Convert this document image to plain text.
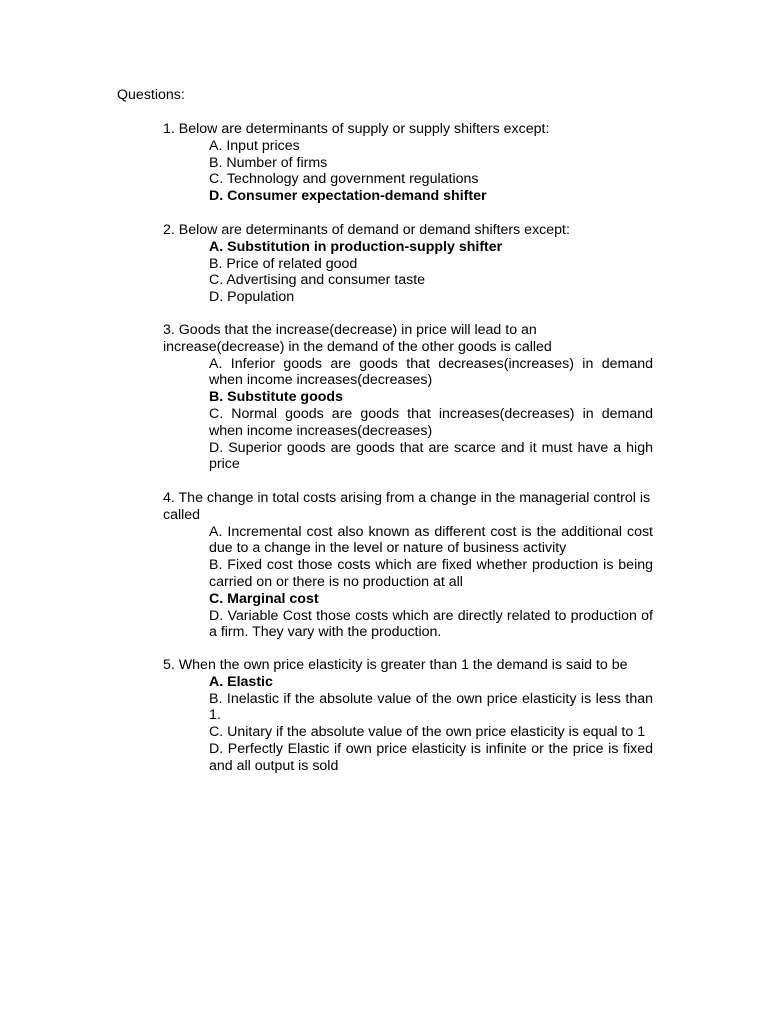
Questions:

1. Below are determinants of supply or supply shifters except:

A. Input prices
B. Number of firms
C. Technology and government regulations
D. Consumer expectation-demand shifter

2. Below are determinants of demand or demand shifters except:

A. Substitution in production-supply shifter
B. Price of related good
C. Advertising and consumer taste
D. Population

3. Goods that the increase(decrease) in price will lead to an increase(decrease) in the demand of the other goods is called

A. Inferior goods are goods that decreases(increases) in demand when income increases(decreases)
B. Substitute goods
C. Normal goods are goods that increases(decreases) in demand when income increases(decreases)
D. Superior goods are goods that are scarce and it must have a high price

4. The change in total costs arising from a change in the managerial control is called

A. Incremental cost also known as different cost is the additional cost due to a change in the level or nature of business activity
B. Fixed cost those costs which are fixed whether production is being carried on or there is no production at all
C. Marginal cost
D. Variable Cost those costs which are directly related to production of a firm. They vary with the production.

5. When the own price elasticity is greater than 1 the demand is said to be

A. Elastic
B. Inelastic if the absolute value of the own price elasticity is less than 1.
C. Unitary if the absolute value of the own price elasticity is equal to 1
D. Perfectly Elastic if own price elasticity is infinite or the price is fixed and all output is sold
